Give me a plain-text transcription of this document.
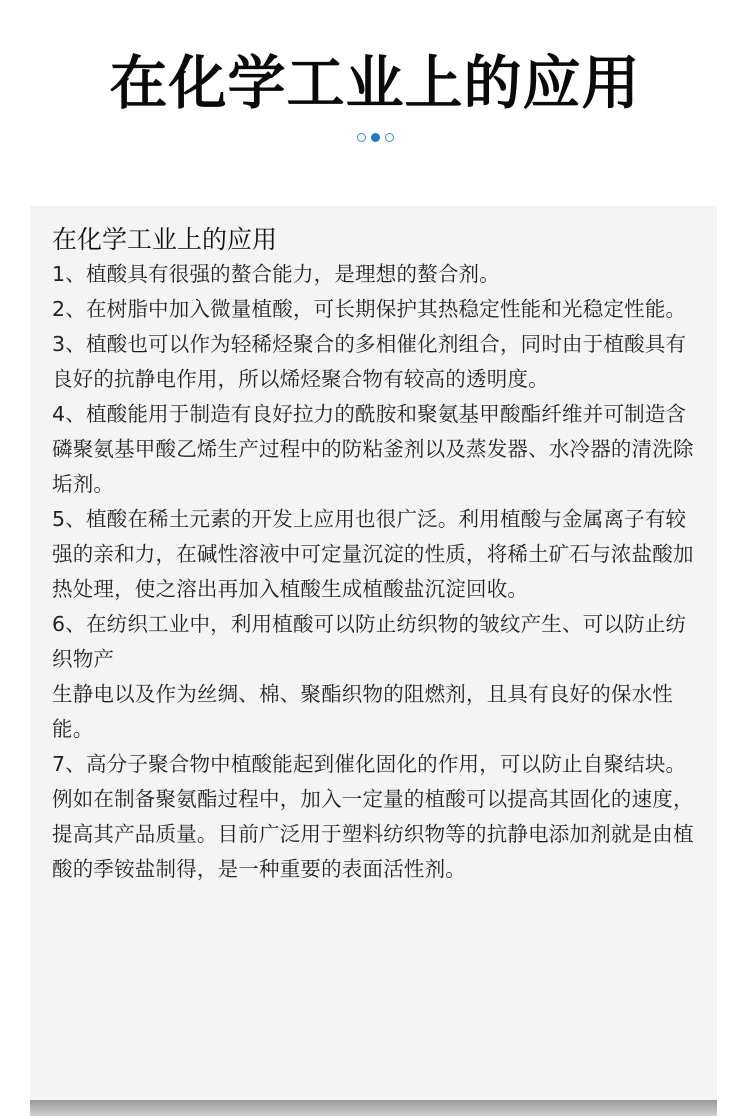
在化学工业上的应用
在化学工业上的应用

1、植酸具有很强的螯合能力，是理想的螯合剂。

2、在树脂中加入微量植酸，可长期保护其热稳定性能和光稳定性能。

3、植酸也可以作为轻稀烃聚合的多相催化剂组合，同时由于植酸具有良好的抗静电作用，所以烯烃聚合物有较高的透明度。

4、植酸能用于制造有良好拉力的酰胺和聚氨基甲酸酯纤维并可制造含磷聚氨基甲酸乙烯生产过程中的防粘釜剂以及蒸发器、水冷器的清洗除垢剂。

5、植酸在稀土元素的开发上应用也很广泛。利用植酸与金属离子有较强的亲和力，在碱性溶液中可定量沉淀的性质，将稀土矿石与浓盐酸加热处理，使之溶出再加入植酸生成植酸盐沉淀回收。

6、在纺织工业中，利用植酸可以防止纺织物的皱纹产生、可以防止纺织物产

生静电以及作为丝绸、棉、聚酯织物的阻燃剂，且具有良好的保水性能。

7、高分子聚合物中植酸能起到催化固化的作用，可以防止自聚结块。例如在制备聚氨酯过程中，加入一定量的植酸可以提高其固化的速度，提高其产品质量。目前广泛用于塑料纺织物等的抗静电添加剂就是由植酸的季铵盐制得，是一种重要的表面活性剂。
